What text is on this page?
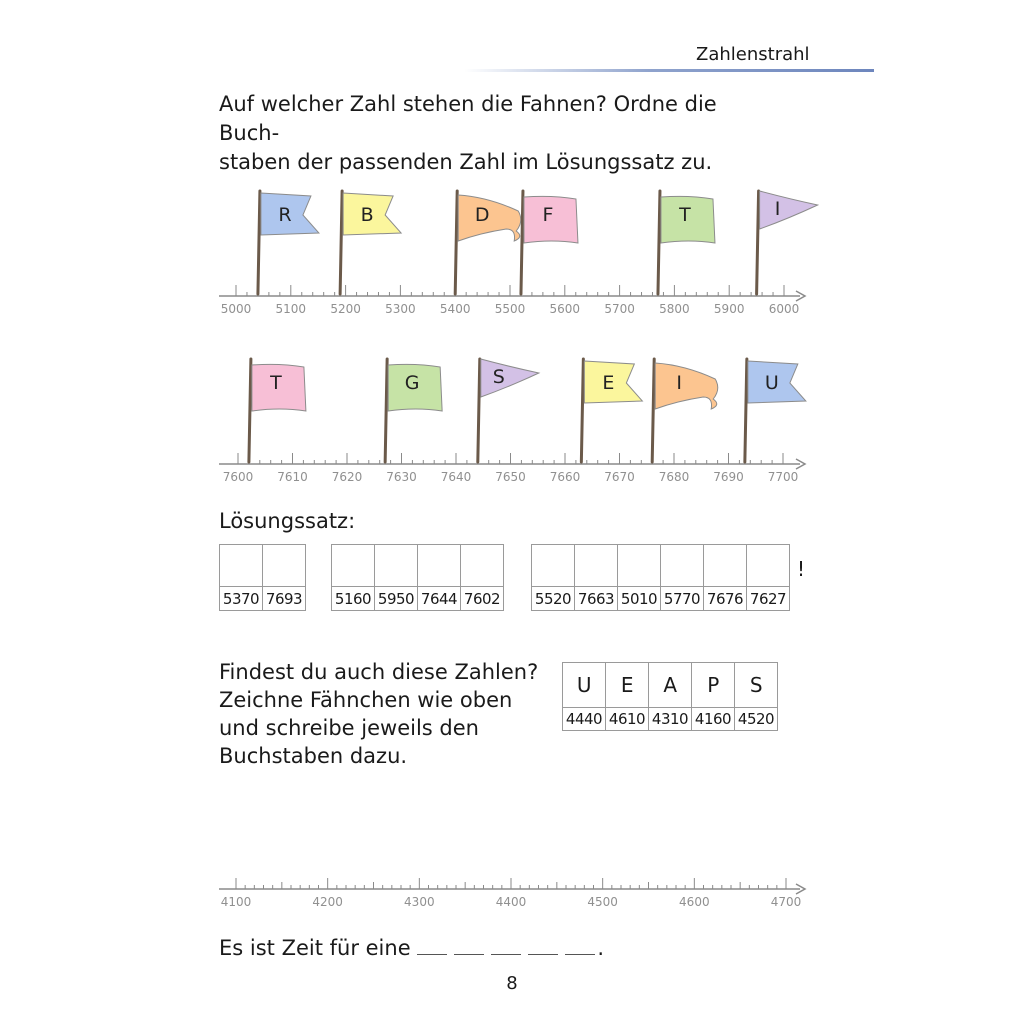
Zahlenstrahl
Auf welcher Zahl stehen die Fahnen? Ordne die Buch-
staben der passenden Zahl im Lösungssatz zu.
5000 5100 5200 5300 5400 5500 5600 5700 5800 5900 6000
R	B	D	F	T	I
7600 7610 7620 7630 7640 7650 7660 7670 7680 7690 7700
T	G	S	E	I	U
4100	4200	4300	4400	4500	4600	4700
Lösungssatz:

5370	7693
			5160	5950	7644	7602
					5520	7663	5010	5770	7676	7627
!
Findest du auch diese Zahlen?
Zeichne Fähnchen wie oben
und schreibe jeweils den
Buchstaben dazu.
U	E	A	P	S
4440	4610	4310	4160	4520
Es ist Zeit für eine	.
8
